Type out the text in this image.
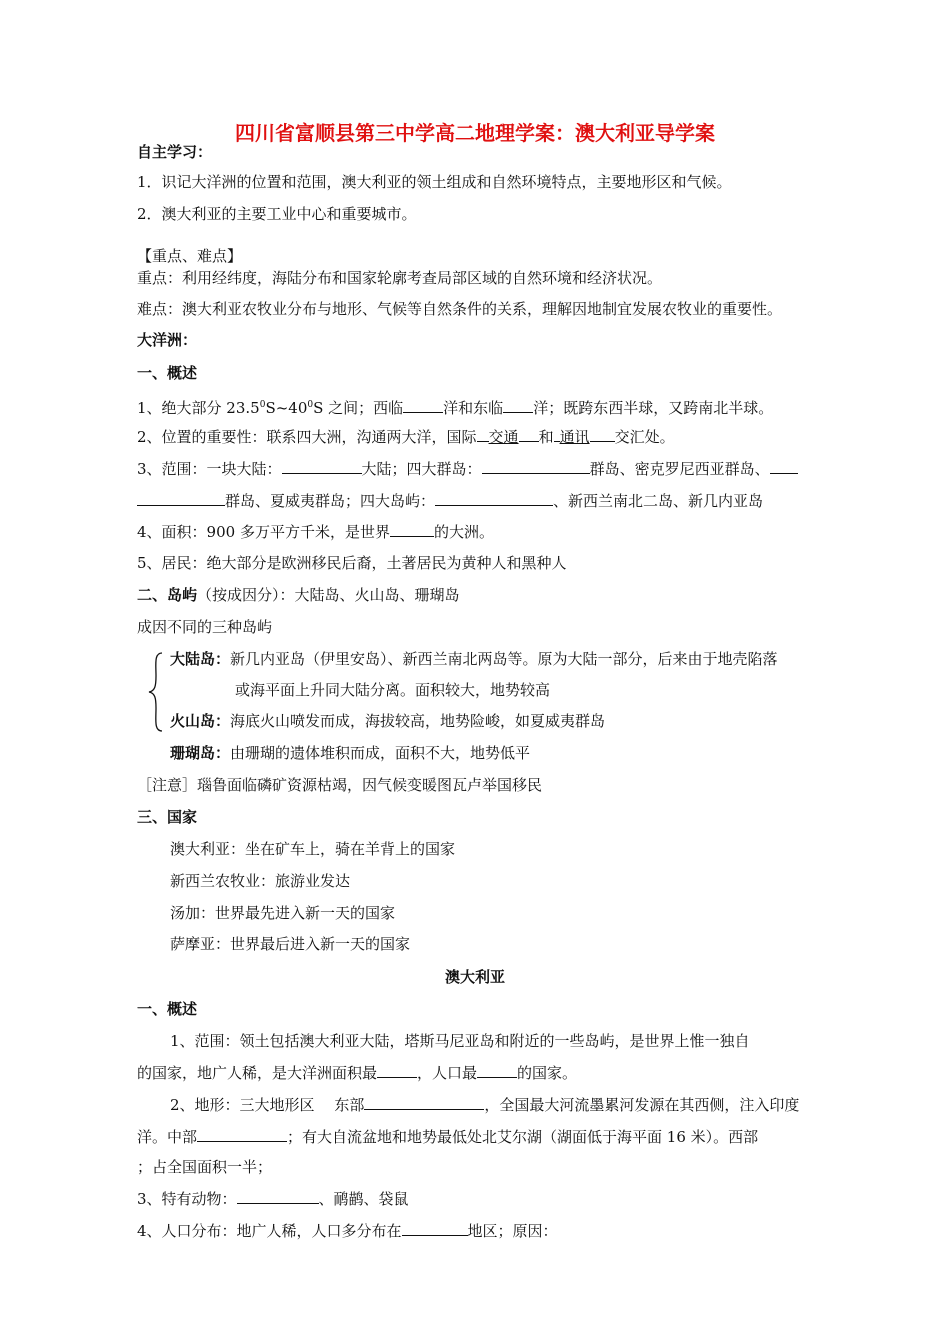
四川省富顺县第三中学高二地理学案：澳大利亚导学案
自主学习：
1．识记大洋洲的位置和范围，澳大利亚的领土组成和自然环境特点，主要地形区和气候。
2．澳大利亚的主要工业中心和重要城市。
【重点、难点】
重点：利用经纬度，海陆分布和国家轮廓考查局部区域的自然环境和经济状况。
难点：澳大利亚农牧业分布与地形、气候等自然条件的关系，理解因地制宜发展农牧业的重要性。
大洋洲：
一、概述
1、绝大部分 $23.5^0S\sim 40^0S$ 之间；西临	洋和东临 洋；既跨东西半球，又跨南北半球。
2、位置的重要性：联系四大洲，沟通两大洋，国际 交通 和 通讯 交汇处。
3、范围：一块大陆：	大陆；四大群岛：	群岛、密克罗尼西亚群岛、
群岛、夏威夷群岛；四大岛屿：	、新西兰南北二岛、新几内亚岛
4、面积：900 多万平方千米，是世界	的大洲。
5、居民：绝大部分是欧洲移民后裔，土著居民为黄种人和黑种人
二、岛屿（按成因分）：大陆岛、火山岛、珊瑚岛
成因不同的三种岛屿
大陆岛：新几内亚岛（伊里安岛）、新西兰南北两岛等。原为大陆一部分，后来由于地壳陷落
或海平面上升同大陆分离。面积较大，地势较高
火山岛：海底火山喷发而成，海拔较高，地势险峻，如夏威夷群岛
珊瑚岛：由珊瑚的遗体堆积而成，面积不大，地势低平
［注意］瑙鲁面临磷矿资源枯竭，因气候变暖图瓦卢举国移民
三、国家
澳大利亚：坐在矿车上，骑在羊背上的国家
新西兰农牧业：旅游业发达
汤加：世界最先进入新一天的国家
萨摩亚：世界最后进入新一天的国家
澳大利亚
一、概述
1、范围：领土包括澳大利亚大陆，塔斯马尼亚岛和附近的一些岛屿，是世界上惟一独自
的国家，地广人稀，是大洋洲面积最	，人口最	的国家。
2、地形：三大地形区　 东部	，全国最大河流墨累河发源在其西侧，注入印度
洋。中部	；有大自流盆地和地势最低处北艾尔湖（湖面低于海平面 16 米）。西部
；占全国面积一半；
3、特有动物：	、鸸鹋、袋鼠
4、人口分布：地广人稀，人口多分布在	地区；原因：
